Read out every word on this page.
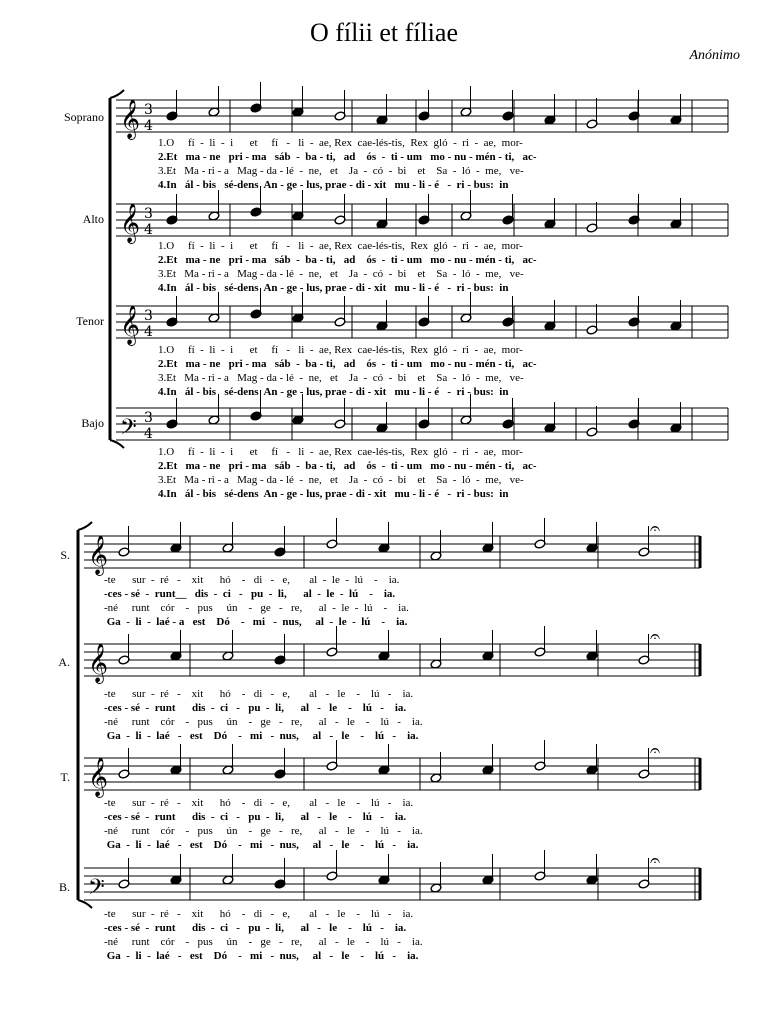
O fílii et fíliae
Anónimo
Soprano
Alto
Tenor
Bajo
𝄞 3
4
𝄞 3
4
𝄞 3
4
𝄢 3
4
𝄞
𝄐
𝄞
𝄐
𝄞
𝄐
𝄢
𝄐
1.O     fí  -  li  -  i      et     fí   -   li  -  ae, Rex  cae-lés-tis,  Rex  gló  -  ri  -  ae,  mor-
2.Et   ma - ne   pri - ma   sáb  -  ba - ti,   ad    ós  -  ti - um   mo - nu - mén - ti,   ac-
3.Et   Ma - ri - a   Mag - da - lé  -  ne,   et    Ja  -  có  -  bi    et    Sa  -  ló  -  me,   ve-
4.In   ál - bis   sé-dens  An - ge - lus, prae - di - xit   mu - li - é   -  ri - bus:  in
1.O     fí  -  li  -  i      et     fí   -   li  -  ae, Rex  cae-lés-tis,  Rex  gló  -  ri  -  ae,  mor-
2.Et   ma - ne   pri - ma   sáb  -  ba - ti,   ad    ós  -  ti - um   mo - nu - mén - ti,   ac-
3.Et   Ma - ri - a   Mag - da - lé  -  ne,   et    Ja  -  có  -  bi    et    Sa  -  ló  -  me,   ve-
4.In   ál - bis   sé-dens  An - ge - lus, prae - di - xit   mu - li - é   -  ri - bus:  in
1.O     fí  -  li  -  i      et     fí   -   li  -  ae, Rex  cae-lés-tis,  Rex  gló  -  ri  -  ae,  mor-
2.Et   ma - ne   pri - ma   sáb  -  ba - ti,   ad    ós  -  ti - um   mo - nu - mén - ti,   ac-
3.Et   Ma - ri - a   Mag - da - lé  -  ne,   et    Ja  -  có  -  bi    et    Sa  -  ló  -  me,   ve-
4.In   ál - bis   sé-dens  An - ge - lus, prae - di - xit   mu - li - é   -  ri - bus:  in
1.O     fí  -  li  -  i      et     fí   -   li  -  ae, Rex  cae-lés-tis,  Rex  gló  -  ri  -  ae,  mor-
2.Et   ma - ne   pri - ma   sáb  -  ba - ti,   ad    ós  -  ti - um   mo - nu - mén - ti,   ac-
3.Et   Ma - ri - a   Mag - da - lé  -  ne,   et    Ja  -  có  -  bi    et    Sa  -  ló  -  me,   ve-
4.In   ál - bis   sé-dens  An - ge - lus, prae - di - xit   mu - li - é   -  ri - bus:  in
S.
A.
T.
B.
-te      sur  -  ré   -    xit      hó    -   di   -   e,       al  -  le  -  lú    -    ia.
-ces - sé  -  runt__   dis  -  ci   -   pu  -  li,      al  -  le  -  lú    -    ia.
-né     runt    cór    -   pus     ún    -   ge   -   re,      al  -  le  -  lú    -    ia.
Ga  -  li  -  laé - a   est    Dó    -   mi   -  nus,     al  -  le  -  lú    -    ia.
-te      sur  -  ré   -    xit      hó    -   di   -   e,       al   -   le    -    lú   -    ia.
-ces - sé  -  runt      dis  -  ci   -   pu  -  li,      al   -   le    -    lú   -    ia.
-né     runt    cór    -   pus     ún    -   ge   -   re,      al   -   le    -    lú   -    ia.
Ga  -  li  -  laé   -   est    Dó    -   mi   -  nus,     al   -   le    -    lú   -    ia.
-te      sur  -  ré   -    xit      hó    -   di   -   e,       al   -   le    -    lú   -    ia.
-ces - sé  -  runt      dis  -  ci   -   pu  -  li,      al   -   le    -    lú   -    ia.
-né     runt    cór    -   pus     ún    -   ge   -   re,      al   -   le    -    lú   -    ia.
Ga  -  li  -  laé   -   est    Dó    -   mi   -  nus,     al   -   le    -    lú   -    ia.
-te      sur  -  ré   -    xit      hó    -   di   -   e,       al   -   le    -    lú   -    ia.
-ces - sé  -  runt      dis  -  ci   -   pu  -  li,      al   -   le    -    lú   -    ia.
-né     runt    cór    -   pus     ún    -   ge   -   re,      al   -   le    -    lú   -    ia.
Ga  -  li  -  laé   -   est    Dó    -   mi   -  nus,     al   -   le    -    lú   -    ia.
